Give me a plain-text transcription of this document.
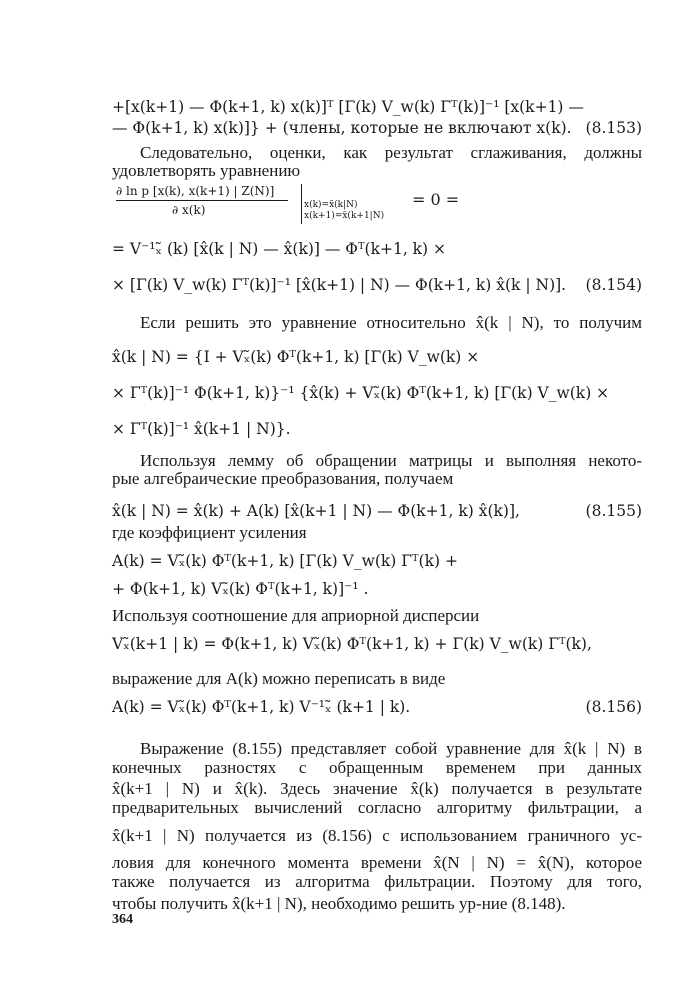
+[x(k+1) — Φ(k+1, k) x(k)]ᵀ [Γ(k) V_w(k) Γᵀ(k)]⁻¹ [x(k+1) —
— Φ(k+1, k) x(k)]} + (члены, которые не включают x(k). (8.153)
Следовательно, оценки, как результат сглаживания, должны
удовлетворять уравнению
∂ ln p [x(k), x(k+1) | Z(N)]
∂ x(k)	x(k)=x̃(k|N)
x(k+1)=x̃(k+1|N)
= 0 =
= V⁻¹ₓ̃ (k) [x̂(k | N) — x̂(k)] — Φᵀ(k+1, k) ×
× [Γ(k) V_w(k) Γᵀ(k)]⁻¹ [x̂(k+1) | N) — Φ(k+1, k) x̂(k | N)]. (8.154)
Если решить это уравнение относительно x̂(k | N), то получим
x̂(k | N) = {I + Vₓ̃(k) Φᵀ(k+1, k) [Γ(k) V_w(k) ×
× Γᵀ(k)]⁻¹ Φ(k+1, k)}⁻¹ {x̂(k) + Vₓ̃(k) Φᵀ(k+1, k) [Γ(k) V_w(k) ×
× Γᵀ(k)]⁻¹ x̂(k+1 | N)}.
Используя лемму об обращении матрицы и выполняя некото-
рые алгебраические преобразования, получаем
x̂(k | N) = x̂(k) + A(k) [x̂(k+1 | N) — Φ(k+1, k) x̂(k)],	(8.155)
где коэффициент усиления
A(k) = Vₓ̃(k) Φᵀ(k+1, k) [Γ(k) V_w(k) Γᵀ(k) +
+ Φ(k+1, k) Vₓ̃(k) Φᵀ(k+1, k)]⁻¹ .
Используя соотношение для априорной дисперсии
Vₓ̃(k+1 | k) = Φ(k+1, k) Vₓ̃(k) Φᵀ(k+1, k) + Γ(k) V_w(k) Γᵀ(k),
выражение для A(k) можно переписать в виде
A(k) = Vₓ̃(k) Φᵀ(k+1, k) V⁻¹ₓ̃ (k+1 | k).	(8.156)
Выражение (8.155) представляет собой уравнение для x̂(k | N) в
конечных разностях с обращенным временем при данных
x̂(k+1 | N) и x̂(k). Здесь значение x̂(k) получается в результате
предварительных вычислений согласно алгоритму фильтрации, а
x̂(k+1 | N) получается из (8.156) с использованием граничного ус-
ловия для конечного момента времени x̂(N | N) = x̂(N), которое
также получается из алгоритма фильтрации. Поэтому для того,
чтобы получить x̂(k+1 | N), необходимо решить ур-ние (8.148).
364
